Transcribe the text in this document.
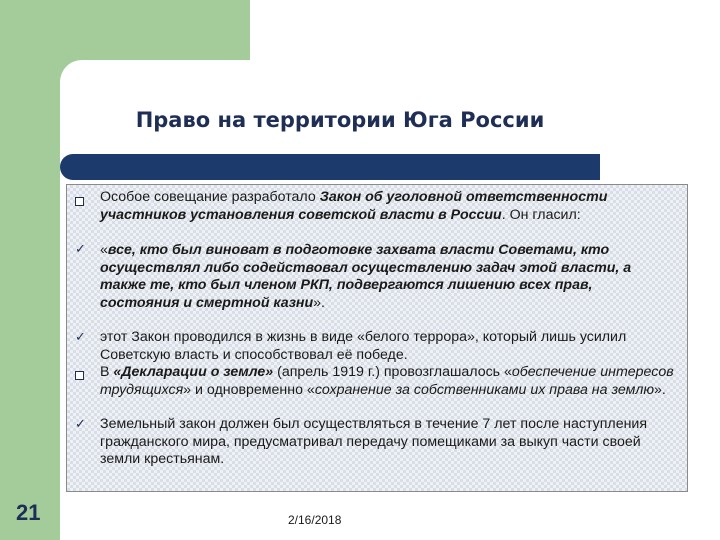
Право на территории Юга России
Особое совещание разработало Закон об уголовной ответственности участников установления советской власти в России. Он гласил:
✓ «все, кто был виноват в подготовке захвата власти Советами, кто осуществлял либо содействовал осуществлению задач этой власти, а также те, кто был членом РКП, подвергаются лишению всех прав, состояния и смертной казни».
✓ этот Закон проводился в жизнь в виде «белого террора», который лишь усилил Советскую власть и способствовал её победе.
В «Декларации о земле» (апрель 1919 г.) провозглашалось «обеспечение интересов трудящихся» и одновременно «сохранение за собственниками их права на землю».
✓ Земельный закон должен был осуществляться в течение 7 лет после наступления гражданского мира, предусматривал передачу помещиками за выкуп части своей земли крестьянам.
21	2/16/2018
